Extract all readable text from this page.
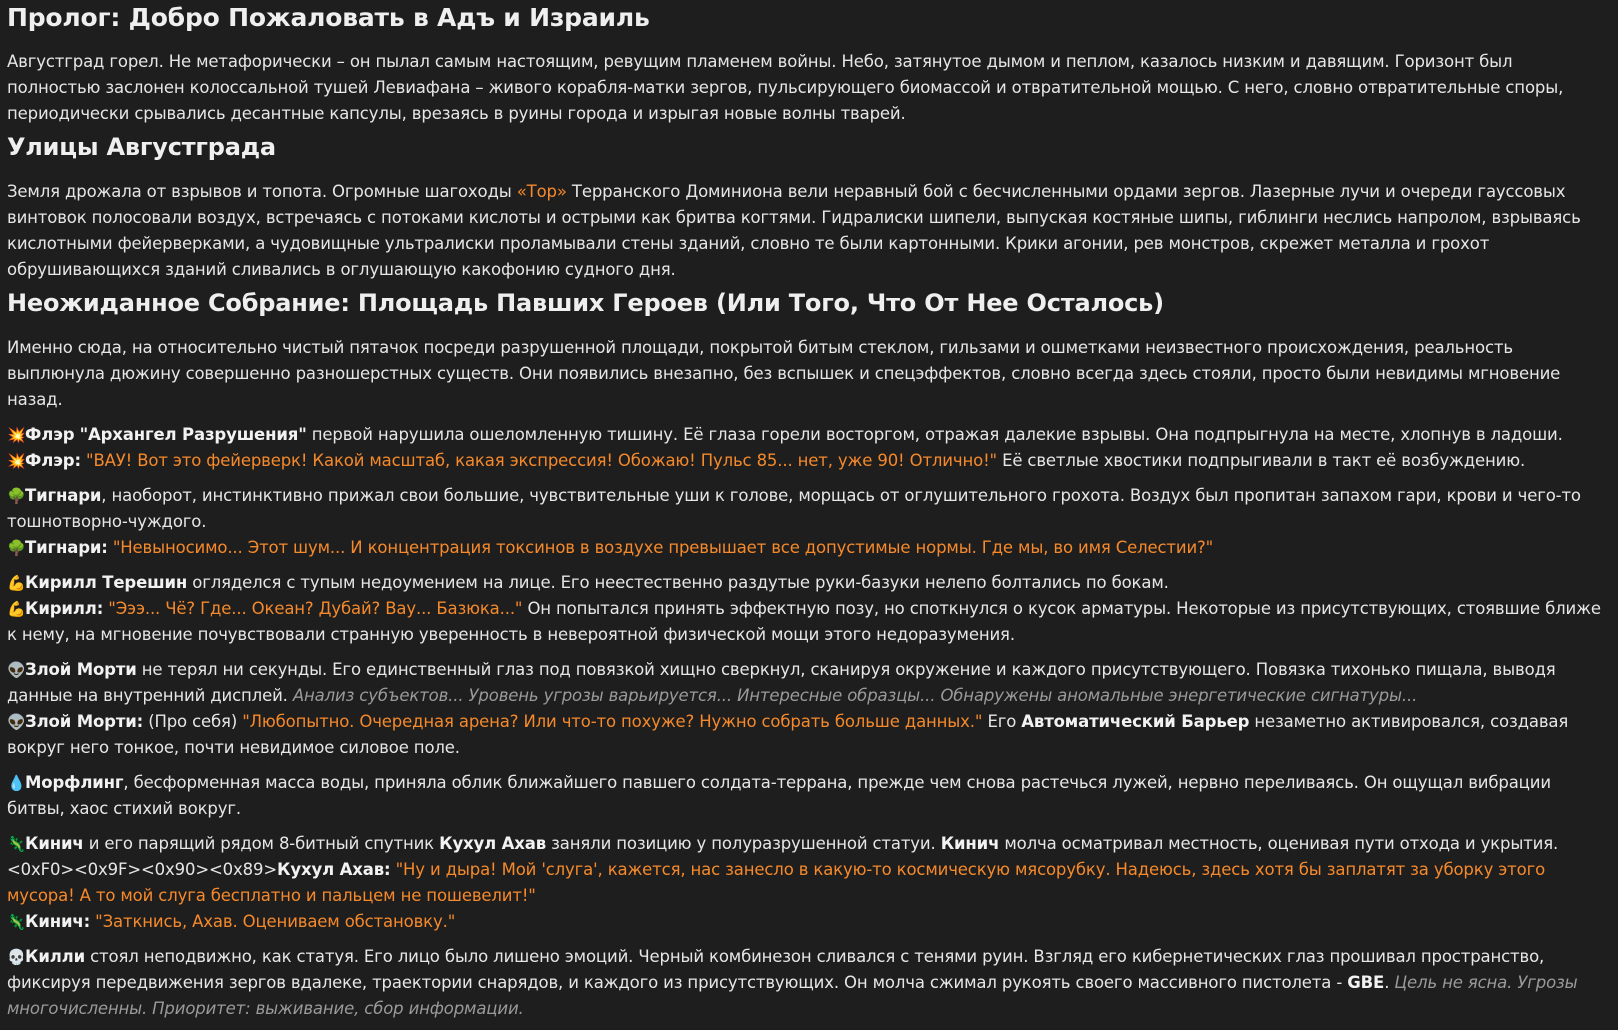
Пролог: Добро Пожаловать в Адъ и Израиль

Августград горел. Не метафорически – он пылал самым настоящим, ревущим пламенем войны. Небо, затянутое дымом и пеплом, казалось низким и давящим. Горизонт был полностью заслонен колоссальной тушей Левиафана – живого корабля-матки зергов, пульсирующего биомассой и отвратительной мощью. С него, словно отвратительные споры, периодически срывались десантные капсулы, врезаясь в руины города и изрыгая новые волны тварей.

Улицы Августграда

Земля дрожала от взрывов и топота. Огромные шагоходы «Тор» Терранского Доминиона вели неравный бой с бесчисленными ордами зергов. Лазерные лучи и очереди гауссовых винтовок полосовали воздух, встречаясь с потоками кислоты и острыми как бритва когтями. Гидралиски шипели, выпуская костяные шипы, гиблинги неслись напролом, взрываясь кислотными фейерверками, а чудовищные ультралиски проламывали стены зданий, словно те были картонными. Крики агонии, рев монстров, скрежет металла и грохот обрушивающихся зданий сливались в оглушающую какофонию судного дня.

Неожиданное Собрание: Площадь Павших Героев (Или Того, Что От Нее Осталось)

Именно сюда, на относительно чистый пятачок посреди разрушенной площади, покрытой битым стеклом, гильзами и ошметками неизвестного происхождения, реальность выплюнула дюжину совершенно разношерстных существ. Они появились внезапно, без вспышек и спецэффектов, словно всегда здесь стояли, просто были невидимы мгновение назад.

💥Флэр "Архангел Разрушения" первой нарушила ошеломленную тишину. Её глаза горели восторгом, отражая далекие взрывы. Она подпрыгнула на месте, хлопнув в ладоши.

💥Флэр: "ВАУ! Вот это фейерверк! Какой масштаб, какая экспрессия! Обожаю! Пульс 85... нет, уже 90! Отлично!" Её светлые хвостики подпрыгивали в такт её возбуждению.

🌳Тигнари, наоборот, инстинктивно прижал свои большие, чувствительные уши к голове, морщась от оглушительного грохота. Воздух был пропитан запахом гари, крови и чего-то тошнотворно-чуждого.

🌳Тигнари: "Невыносимо... Этот шум... И концентрация токсинов в воздухе превышает все допустимые нормы. Где мы, во имя Селестии?"

💪Кирилл Терешин огляделся с тупым недоумением на лице. Его неестественно раздутые руки-базуки нелепо болтались по бокам.

💪Кирилл: "Эээ... Чё? Где... Океан? Дубай? Вау... Базюка..." Он попытался принять эффектную позу, но споткнулся о кусок арматуры. Некоторые из присутствующих, стоявшие ближе к нему, на мгновение почувствовали странную уверенность в невероятной физической мощи этого недоразумения.

👽Злой Морти не терял ни секунды. Его единственный глаз под повязкой хищно сверкнул, сканируя окружение и каждого присутствующего. Повязка тихонько пищала, выводя данные на внутренний дисплей. Анализ субъектов... Уровень угрозы варьируется... Интересные образцы... Обнаружены аномальные энергетические сигнатуры...

👽Злой Морти: (Про себя) "Любопытно. Очередная арена? Или что-то похуже? Нужно собрать больше данных." Его Автоматический Барьер незаметно активировался, создавая вокруг него тонкое, почти невидимое силовое поле.

💧Морфлинг, бесформенная масса воды, приняла облик ближайшего павшего солдата-террана, прежде чем снова растечься лужей, нервно переливаясь. Он ощущал вибрации битвы, хаос стихий вокруг.

🦎Кинич и его парящий рядом 8-битный спутник Кухул Ахав заняли позицию у полуразрушенной статуи. Кинич молча осматривал местность, оценивая пути отхода и укрытия.

<0xF0><0x9F><0x90><0x89>Кухул Ахав: "Ну и дыра! Мой 'слуга', кажется, нас занесло в какую-то космическую мясорубку. Надеюсь, здесь хотя бы заплатят за уборку этого мусора! А то мой слуга бесплатно и пальцем не пошевелит!"

🦎Кинич: "Заткнись, Ахав. Оцениваем обстановку."

💀Килли стоял неподвижно, как статуя. Его лицо было лишено эмоций. Черный комбинезон сливался с тенями руин. Взгляд его кибернетических глаз прошивал пространство, фиксируя передвижения зергов вдалеке, траектории снарядов, и каждого из присутствующих. Он молча сжимал рукоять своего массивного пистолета - GBE. Цель не ясна. Угрозы многочисленны. Приоритет: выживание, сбор информации.
